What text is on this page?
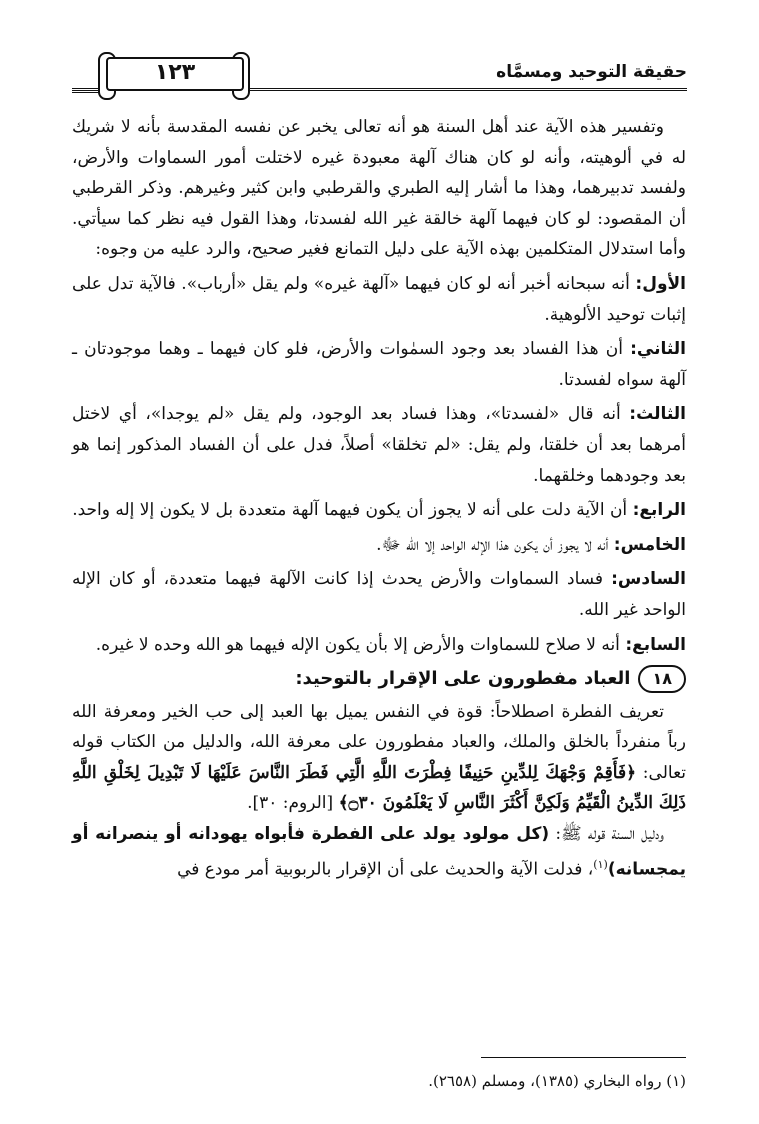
حقيقة التوحيد ومسمَّاه
١٢٣

وتفسير هذه الآية عند أهل السنة هو أنه تعالى يخبر عن نفسه المقدسة بأنه لا شريك له في ألوهيته، وأنه لو كان هناك آلهة معبودة غيره لاختلت أمور السماوات والأرض، ولفسد تدبيرهما، وهذا ما أشار إليه الطبري والقرطبي وابن كثير وغيرهم. وذكر القرطبي أن المقصود: لو كان فيهما آلهة خالقة غير الله لفسدتا، وهذا القول فيه نظر كما سيأتي. وأما استدلال المتكلمين بهذه الآية على دليل التمانع فغير صحيح، والرد عليه من وجوه:

الأول: أنه سبحانه أخبر أنه لو كان فيهما «آلهة غيره» ولم يقل «أرباب». فالآية تدل على إثبات توحيد الألوهية.

الثاني: أن هذا الفساد بعد وجود السمٰوات والأرض، فلو كان فيهما ـ وهما موجودتان ـ آلهة سواه لفسدتا.

الثالث: أنه قال «لفسدتا»، وهذا فساد بعد الوجود، ولم يقل «لم يوجدا»، أي لاختل أمرهما بعد أن خلقتا، ولم يقل: «لم تخلقا» أصلاً، فدل على أن الفساد المذكور إنما هو بعد وجودهما وخلقهما.

الرابع: أن الآية دلت على أنه لا يجوز أن يكون فيهما آلهة متعددة بل لا يكون إلا إله واحد.

الخامس: أنه لا يجوز أن يكون هذا الإله الواحد إلا الله ﷻ.

السادس: فساد السماوات والأرض يحدث إذا كانت الآلهة فيهما متعددة، أو كان الإله الواحد غير الله.

السابع: أنه لا صلاح للسماوات والأرض إلا بأن يكون الإله فيهما هو الله وحده لا غيره.

١٨العباد مفطورون على الإقرار بالتوحيد:

تعريف الفطرة اصطلاحاً: قوة في النفس يميل بها العبد إلى حب الخير ومعرفة الله رباً منفرداً بالخلق والملك، والعباد مفطورون على معرفة الله، والدليل من الكتاب قوله تعالى: ﴿فَأَقِمْ وَجْهَكَ لِلدِّينِ حَنِيفًا فِطْرَتَ اللَّهِ الَّتِي فَطَرَ النَّاسَ عَلَيْهَا لَا تَبْدِيلَ لِخَلْقِ اللَّهِ ذَلِكَ الدِّينُ الْقَيِّمُ وَلَكِنَّ أَكْثَرَ النَّاسِ لَا يَعْلَمُونَ ۝٣٠﴾ [الروم: ٣٠].

ودليل السنة قوله ﷺ: (كل مولود يولد على الفطرة فأبواه يهودانه أو ينصرانه أو يمجسانه)$^{(١)}$، فدلت الآية والحديث على أن الإقرار بالربوبية أمر مودع في

(١) رواه البخاري (١٣٨٥)، ومسلم (٢٦٥٨).
